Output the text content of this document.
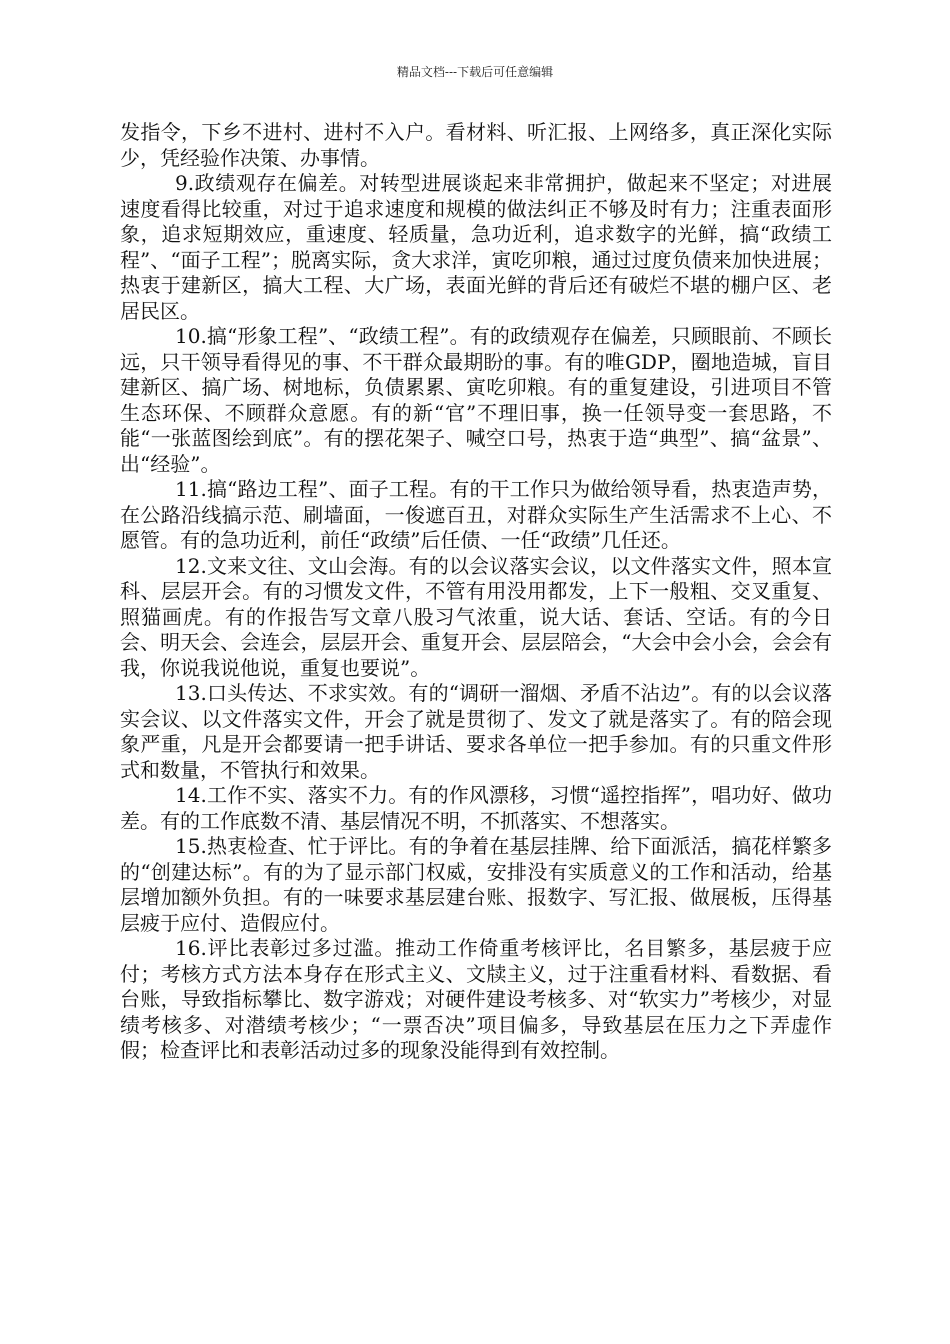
精品文档---下载后可任意编辑

发指令，下乡不进村、进村不入户。看材料、听汇报、上网络多，真正深化实际少，凭经验作决策、办事情。

9.政绩观存在偏差。对转型进展谈起来非常拥护，做起来不坚定；对进展速度看得比较重，对过于追求速度和规模的做法纠正不够及时有力；注重表面形象，追求短期效应，重速度、轻质量，急功近利，追求数字的光鲜，搞“政绩工程”、“面子工程”；脱离实际，贪大求洋，寅吃卯粮，通过过度负债来加快进展；热衷于建新区，搞大工程、大广场，表面光鲜的背后还有破烂不堪的棚户区、老居民区。

10.搞“形象工程”、“政绩工程”。有的政绩观存在偏差，只顾眼前、不顾长远，只干领导看得见的事、不干群众最期盼的事。有的唯GDP，圈地造城，盲目建新区、搞广场、树地标，负债累累、寅吃卯粮。有的重复建设，引进项目不管生态环保、不顾群众意愿。有的新“官”不理旧事，换一任领导变一套思路，不能“一张蓝图绘到底”。有的摆花架子、喊空口号，热衷于造“典型”、搞“盆景”、出“经验”。

11.搞“路边工程”、面子工程。有的干工作只为做给领导看，热衷造声势，在公路沿线搞示范、刷墙面，一俊遮百丑，对群众实际生产生活需求不上心、不愿管。有的急功近利，前任“政绩”后任债、一任“政绩”几任还。

12.文来文往、文山会海。有的以会议落实会议，以文件落实文件，照本宣科、层层开会。有的习惯发文件，不管有用没用都发，上下一般粗、交叉重复、照猫画虎。有的作报告写文章八股习气浓重，说大话、套话、空话。有的今日会、明天会、会连会，层层开会、重复开会、层层陪会，“大会中会小会，会会有我，你说我说他说，重复也要说”。

13.口头传达、不求实效。有的“调研一溜烟、矛盾不沾边”。有的以会议落实会议、以文件落实文件，开会了就是贯彻了、发文了就是落实了。有的陪会现象严重，凡是开会都要请一把手讲话、要求各单位一把手参加。有的只重文件形式和数量，不管执行和效果。

14.工作不实、落实不力。有的作风漂移，习惯“遥控指挥”，唱功好、做功差。有的工作底数不清、基层情况不明，不抓落实、不想落实。

15.热衷检查、忙于评比。有的争着在基层挂牌、给下面派活，搞花样繁多的“创建达标”。有的为了显示部门权威，安排没有实质意义的工作和活动，给基层增加额外负担。有的一味要求基层建台账、报数字、写汇报、做展板，压得基层疲于应付、造假应付。

16.评比表彰过多过滥。推动工作倚重考核评比，名目繁多，基层疲于应付；考核方式方法本身存在形式主义、文牍主义，过于注重看材料、看数据、看台账，导致指标攀比、数字游戏；对硬件建设考核多、对“软实力”考核少，对显绩考核多、对潜绩考核少；“一票否决”项目偏多，导致基层在压力之下弄虚作假；检查评比和表彰活动过多的现象没能得到有效控制。
